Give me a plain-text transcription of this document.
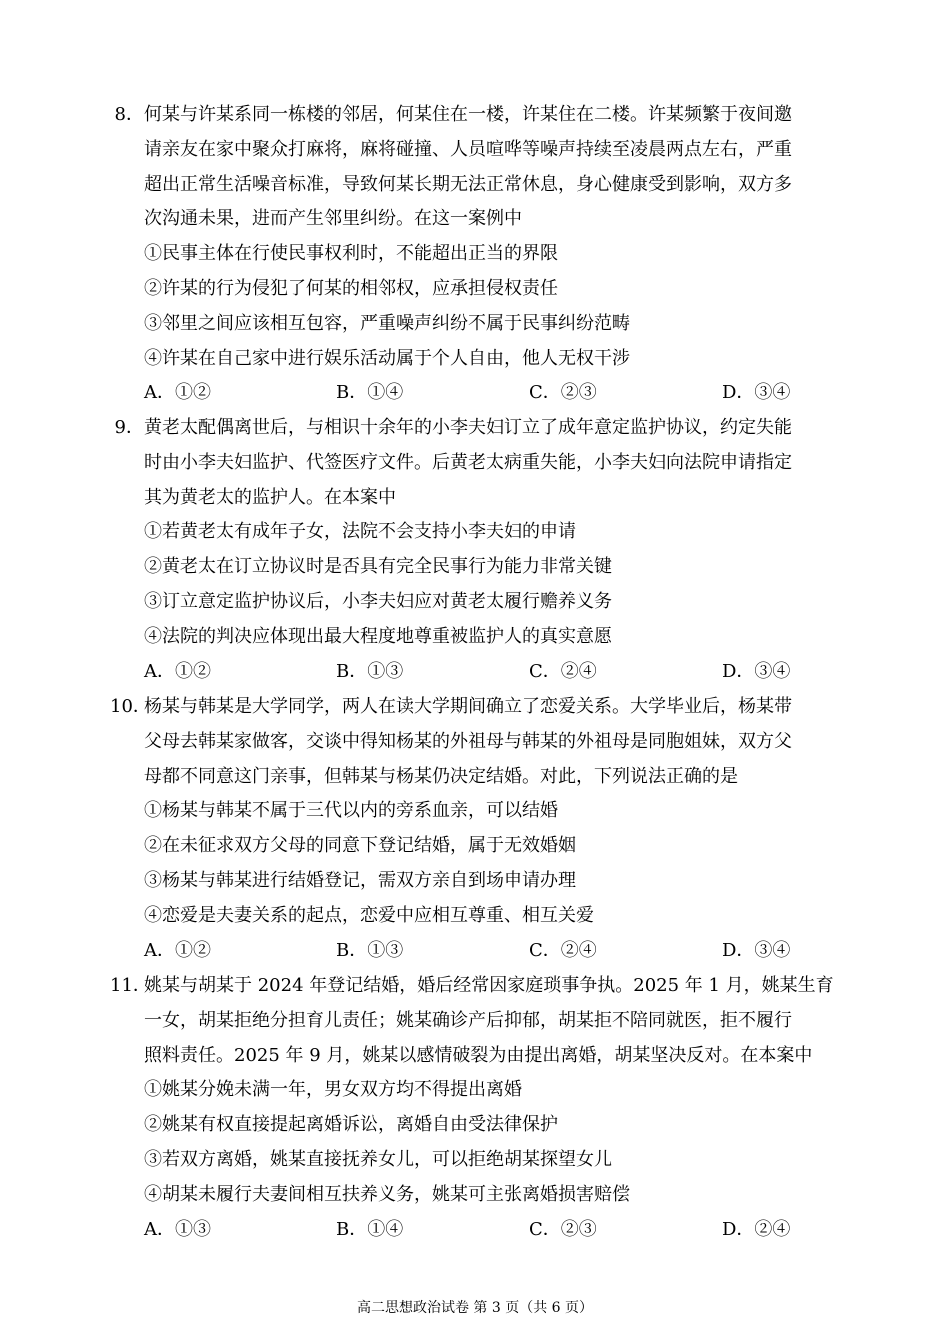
8．何某与许某系同一栋楼的邻居，何某住在一楼，许某住在二楼。许某频繁于夜间邀
请亲友在家中聚众打麻将，麻将碰撞、人员喧哗等噪声持续至凌晨两点左右，严重
超出正常生活噪音标准，导致何某长期无法正常休息，身心健康受到影响，双方多
次沟通未果，进而产生邻里纠纷。在这一案例中
①民事主体在行使民事权利时，不能超出正当的界限
②许某的行为侵犯了何某的相邻权，应承担侵权责任
③邻里之间应该相互包容，严重噪声纠纷不属于民事纠纷范畴
④许某在自己家中进行娱乐活动属于个人自由，他人无权干涉
A．①②	B．①④	C．②③	D．③④
9．黄老太配偶离世后，与相识十余年的小李夫妇订立了成年意定监护协议，约定失能
时由小李夫妇监护、代签医疗文件。后黄老太病重失能，小李夫妇向法院申请指定
其为黄老太的监护人。在本案中
①若黄老太有成年子女，法院不会支持小李夫妇的申请
②黄老太在订立协议时是否具有完全民事行为能力非常关键
③订立意定监护协议后，小李夫妇应对黄老太履行赡养义务
④法院的判决应体现出最大程度地尊重被监护人的真实意愿
A．①②	B．①③	C．②④	D．③④
10．杨某与韩某是大学同学，两人在读大学期间确立了恋爱关系。大学毕业后，杨某带
父母去韩某家做客，交谈中得知杨某的外祖母与韩某的外祖母是同胞姐妹，双方父
母都不同意这门亲事，但韩某与杨某仍决定结婚。对此，下列说法正确的是
①杨某与韩某不属于三代以内的旁系血亲，可以结婚
②在未征求双方父母的同意下登记结婚，属于无效婚姻
③杨某与韩某进行结婚登记，需双方亲自到场申请办理
④恋爱是夫妻关系的起点，恋爱中应相互尊重、相互关爱
A．①②	B．①③	C．②④	D．③④
11．姚某与胡某于 2024 年登记结婚，婚后经常因家庭琐事争执。2025 年 1 月，姚某生育
一女，胡某拒绝分担育儿责任；姚某确诊产后抑郁，胡某拒不陪同就医，拒不履行
照料责任。2025 年 9 月，姚某以感情破裂为由提出离婚，胡某坚决反对。在本案中
①姚某分娩未满一年，男女双方均不得提出离婚
②姚某有权直接提起离婚诉讼，离婚自由受法律保护
③若双方离婚，姚某直接抚养女儿，可以拒绝胡某探望女儿
④胡某未履行夫妻间相互扶养义务，姚某可主张离婚损害赔偿
A．①③	B．①④	C．②③	D．②④
高二思想政治试卷 第 3 页（共 6 页）
